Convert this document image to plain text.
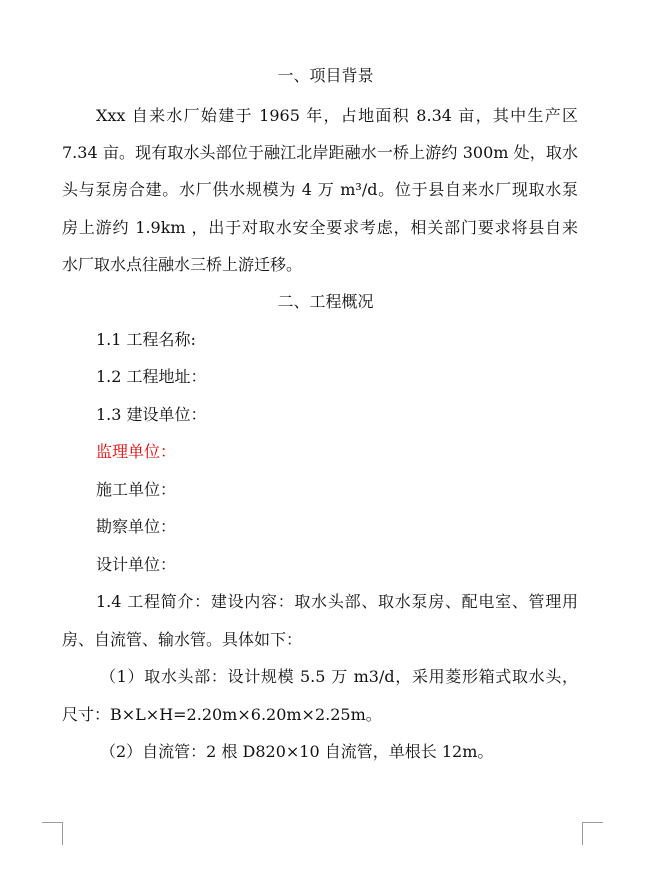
一、项目背景
Xxx 自来水厂始建于 1965 年，占地面积 8.34 亩，其中生产区
7.34 亩。现有取水头部位于融江北岸距融水一桥上游约 300m 处，取水
头与泵房合建。水厂供水规模为 4 万 m³/d。位于县自来水厂现取水泵
房上游约 1.9km ，出于对取水安全要求考虑，相关部门要求将县自来
水厂取水点往融水三桥上游迁移。
二、工程概况
1.1 工程名称:
1.2 工程地址：
1.3 建设单位：
监理单位：
施工单位：
勘察单位：
设计单位：
1.4 工程简介：建设内容：取水头部、取水泵房、配电室、管理用
房、自流管、输水管。具体如下：
（1）取水头部：设计规模 5.5 万 m3/d，采用菱形箱式取水头，
尺寸：B×L×H=2.20m×6.20m×2.25m。
（2）自流管：2 根 D820×10 自流管，单根长 12m。
